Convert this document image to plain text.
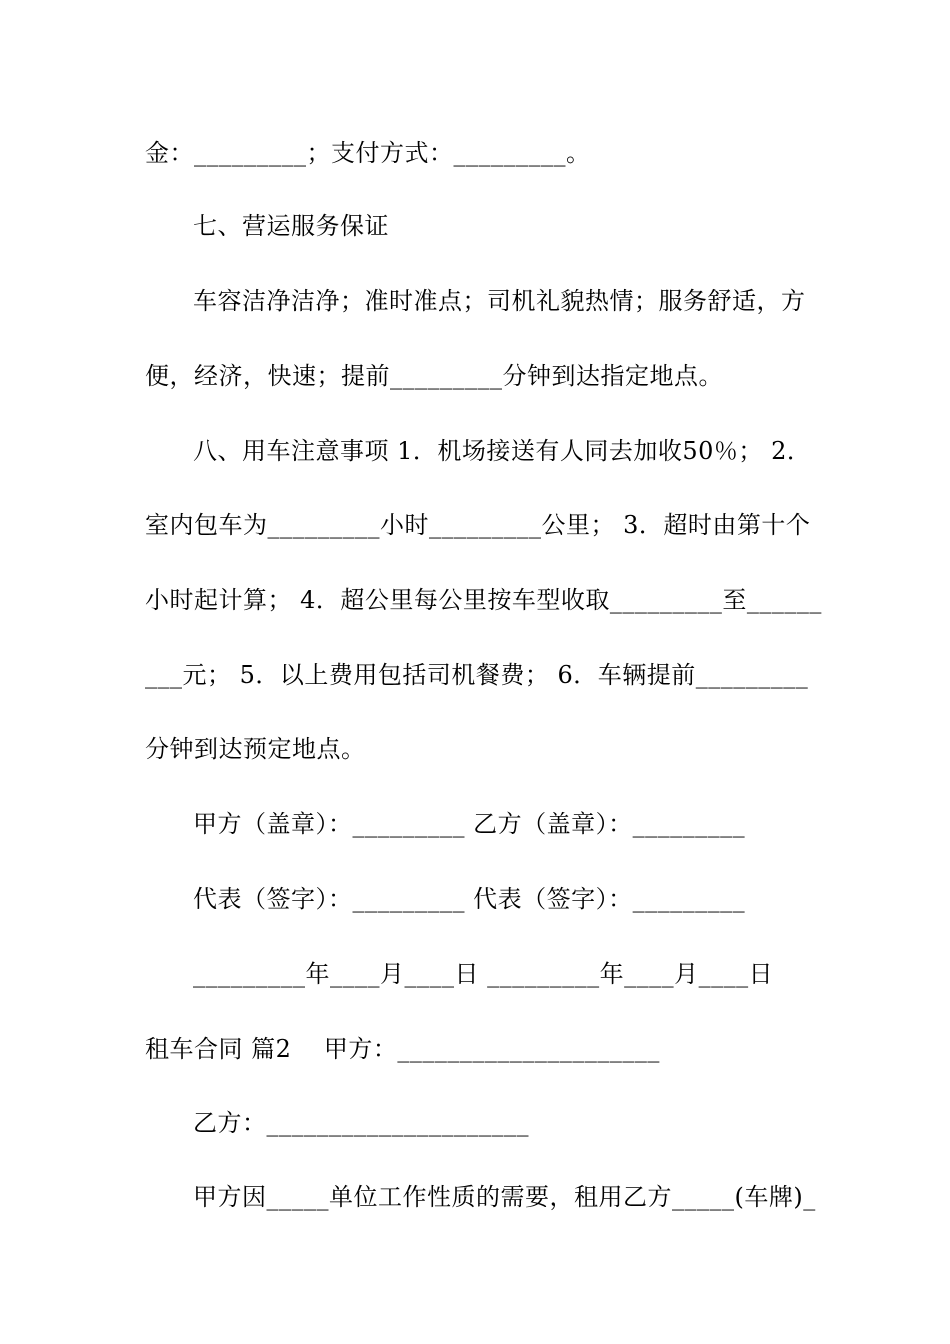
金：_________；支付方式：_________。
七、营运服务保证
车容洁净洁净；准时准点；司机礼貌热情；服务舒适，方
便，经济，快速；提前_________分钟到达指定地点。
八、用车注意事项 1．机场接送有人同去加收50％； 2．
室内包车为_________小时_________公里； 3．超时由第十个
小时起计算； 4．超公里每公里按车型收取_________至______
___元； 5．以上费用包括司机餐费； 6．车辆提前_________
分钟到达预定地点。
甲方（盖章）：_________ 乙方（盖章）：_________
代表（签字）：_________ 代表（签字）：_________
_________年____月____日 _________年____月____日
租车合同 篇2    甲方：_____________________
乙方：_____________________
甲方因_____单位工作性质的需要，租用乙方_____(车牌)_
